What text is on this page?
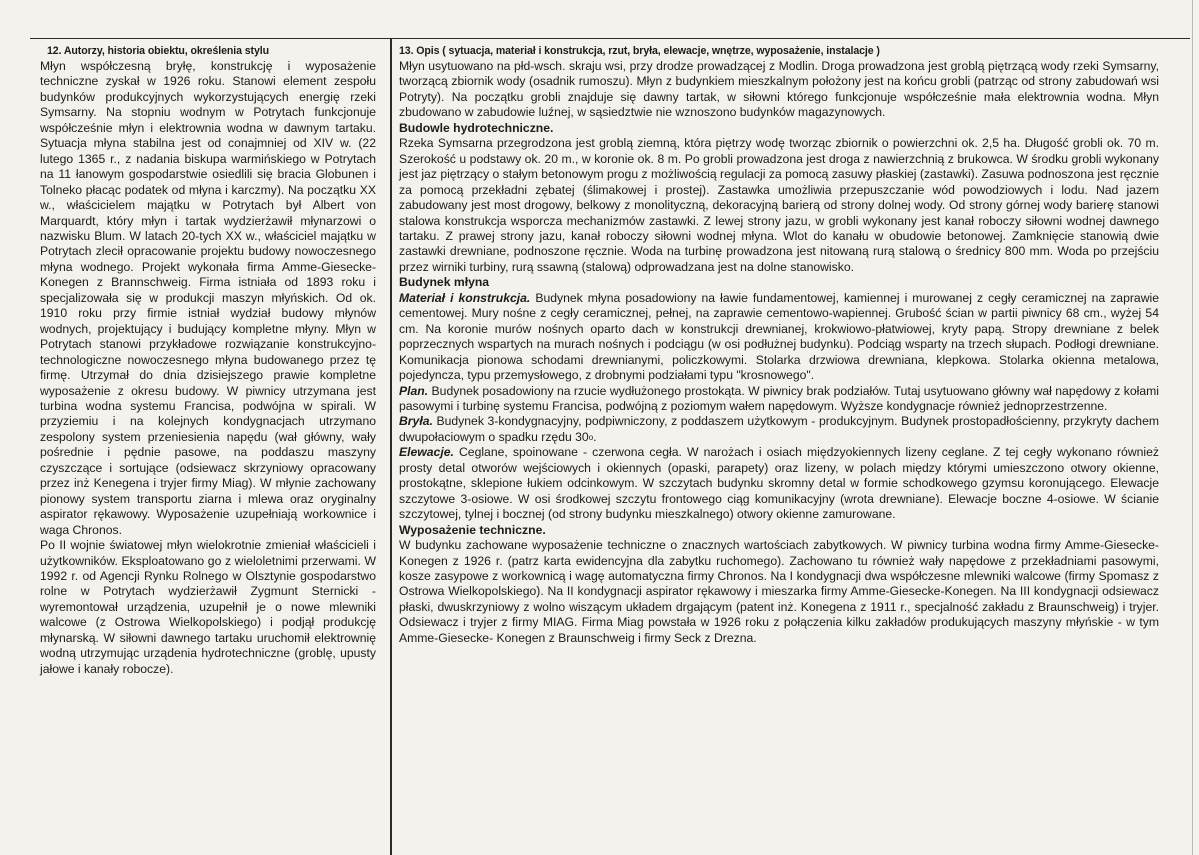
12. Autorzy, historia obiektu, określenia stylu

Młyn współczesną bryłę, konstrukcję i wyposażenie techniczne zyskał w 1926 roku. Stanowi element zespołu budynków produkcyjnych wykorzystujących energię rzeki Symsarny. Na stopniu wodnym w Potrytach funkcjonuje współcześnie młyn i elektrownia wodna w dawnym tartaku. Sytuacja młyna stabilna jest od conajmniej od XIV w. (22 lutego 1365 r., z nadania biskupa warmińskiego w Potrytach na 11 łanowym gospodarstwie osiedlili się bracia Globunen i Tolneko płacąc podatek od młyna i karczmy). Na początku XX w., właścicielem majątku w Potrytach był Albert von Marquardt, który młyn i tartak wydzierżawił młynarzowi o nazwisku Blum. W latach 20-tych XX w., właściciel majątku w Potrytach zlecił opracowanie projektu budowy nowoczesnego młyna wodnego. Projekt wykonała firma Amme-Giesecke-Konegen z Brannschweig. Firma istniała od 1893 roku i specjalizowała się w produkcji maszyn młyńskich. Od ok. 1910 roku przy firmie istniał wydział budowy młynów wodnych, projektujący i budujący kompletne młyny. Młyn w Potrytach stanowi przykładowe rozwiązanie konstrukcyjno-technologiczne nowoczesnego młyna budowanego przez tę firmę. Utrzymał do dnia dzisiejszego prawie kompletne wyposażenie z okresu budowy. W piwnicy utrzymana jest turbina wodna systemu Francisa, podwójna w spirali. W przyziemiu i na kolejnych kondygnacjach utrzymano zespolony system przeniesienia napędu (wał główny, wały pośrednie i pędnie pasowe, na poddaszu maszyny czyszczące i sortujące (odsiewacz skrzyniowy opracowany przez inż Kenegena i tryjer firmy Miag). W młynie zachowany pionowy system transportu ziarna i mlewa oraz oryginalny aspirator rękawowy. Wyposażenie uzupełniają workownice i waga Chronos.

Po II wojnie światowej młyn wielokrotnie zmieniał właścicieli i użytkowników. Eksploatowano go z wieloletnimi przerwami. W 1992 r. od Agencji Rynku Rolnego w Olsztynie gospodarstwo rolne w Potrytach wydzierżawił Zygmunt Sternicki - wyremontował urządzenia, uzupełnił je o nowe mlewniki walcowe (z Ostrowa Wielkopolskiego) i podjął produkcję młynarską. W siłowni dawnego tartaku uruchomił elektrownię wodną utrzymując urządenia hydrotechniczne (groblę, upusty jałowe i kanały robocze).

13. Opis ( sytuacja, materiał i konstrukcja, rzut, bryła, elewacje, wnętrze, wyposażenie, instalacje )

Młyn usytuowano na płd-wsch. skraju wsi, przy drodze prowadzącej z Modlin. Droga prowadzona jest groblą piętrzącą wody rzeki Symsarny, tworzącą zbiornik wody (osadnik rumoszu). Młyn z budynkiem mieszkalnym położony jest na końcu grobli (patrząc od strony zabudowań wsi Potryty). Na początku grobli znajduje się dawny tartak, w siłowni którego funkcjonuje współcześnie mała elektrownia wodna. Młyn zbudowano w zabudowie luźnej, w sąsiedztwie nie wznoszono budynków magazynowych.

Budowle hydrotechniczne.

Rzeka Symsarna przegrodzona jest groblą ziemną, która piętrzy wodę tworząc zbiornik o powierzchni ok. 2,5 ha. Długość grobli ok. 70 m. Szerokość u podstawy ok. 20 m., w koronie ok. 8 m. Po grobli prowadzona jest droga z nawierzchnią z brukowca. W środku grobli wykonany jest jaz piętrzący o stałym betonowym progu z możliwością regulacji za pomocą zasuwy płaskiej (zastawki). Zasuwa podnoszona jest ręcznie za pomocą przekładni zębatej (ślimakowej i prostej). Zastawka umożliwia przepuszczanie wód powodziowych i lodu. Nad jazem zabudowany jest most drogowy, belkowy z monolityczną, dekoracyjną barierą od strony dolnej wody. Od strony górnej wody barierę stanowi stalowa konstrukcja wsporcza mechanizmów zastawki. Z lewej strony jazu, w grobli wykonany jest kanał roboczy siłowni wodnej dawnego tartaku. Z prawej strony jazu, kanał roboczy siłowni wodnej młyna. Wlot do kanału w obudowie betonowej. Zamknięcie stanowią dwie zastawki drewniane, podnoszone ręcznie. Woda na turbinę prowadzona jest nitowaną rurą stalową o średnicy 800 mm. Woda po przejściu przez wirniki turbiny, rurą ssawną (stalową) odprowadzana jest na dolne stanowisko.

Budynek młyna

Materiał i konstrukcja. Budynek młyna posadowiony na ławie fundamentowej, kamiennej i murowanej z cegły ceramicznej na zaprawie cementowej. Mury nośne z cegły ceramicznej, pełnej, na zaprawie cementowo-wapiennej. Grubość ścian w partii piwnicy 68 cm., wyżej 54 cm. Na koronie murów nośnych oparto dach w konstrukcji drewnianej, krokwiowo-płatwiowej, kryty papą. Stropy drewniane z belek poprzecznych wspartych na murach nośnych i podciągu (w osi podłużnej budynku). Podciąg wsparty na trzech słupach. Podłogi drewniane. Komunikacja pionowa schodami drewnianymi, policzkowymi. Stolarka drzwiowa drewniana, klepkowa. Stolarka okienna metalowa, pojedyncza, typu przemysłowego, z drobnymi podziałami typu "krosnowego".

Plan. Budynek posadowiony na rzucie wydłużonego prostokąta. W piwnicy brak podziałów. Tutaj usytuowano główny wał napędowy z kołami pasowymi i turbinę systemu Francisa, podwójną z poziomym wałem napędowym. Wyższe kondygnacje również jednoprzestrzenne.

Bryła. Budynek 3-kondygnacyjny, podpiwniczony, z poddaszem użytkowym - produkcyjnym. Budynek prostopadłościenny, przykryty dachem dwupołaciowym o spadku rzędu 30$^o$.

Elewacje. Ceglane, spoinowane - czerwona cegła. W narożach i osiach międzyokiennych lizeny ceglane. Z tej cegły wykonano również prosty detal otworów wejściowych i okiennych (opaski, parapety) oraz lizeny, w polach między którymi umieszczono otwory okienne, prostokątne, sklepione łukiem odcinkowym. W szczytach budynku skromny detal w formie schodkowego gzymsu koronującego. Elewacje szczytowe 3-osiowe. W osi środkowej szczytu frontowego ciąg komunikacyjny (wrota drewniane). Elewacje boczne 4-osiowe. W ścianie szczytowej, tylnej i bocznej (od strony budynku mieszkalnego) otwory okienne zamurowane.

Wyposażenie techniczne.

W budynku zachowane wyposażenie techniczne o znacznych wartościach zabytkowych. W piwnicy turbina wodna firmy Amme-Giesecke-Konegen z 1926 r. (patrz karta ewidencyjna dla zabytku ruchomego). Zachowano tu również wały napędowe z przekładniami pasowymi, kosze zasypowe z workownicą i wagę automatyczna firmy Chronos. Na I kondygnacji dwa współczesne mlewniki walcowe (firmy Spomasz z Ostrowa Wielkopolskiego). Na II kondygnacji aspirator rękawowy i mieszarka firmy Amme-Giesecke-Konegen. Na III kondygnacji odsiewacz płaski, dwuskrzyniowy z wolno wiszącym układem drgającym (patent inż. Konegena z 1911 r., specjalność zakładu z Braunschweig) i tryjer. Odsiewacz i tryjer z firmy MIAG. Firma Miag powstała w 1926 roku z połączenia kilku zakładów produkujących maszyny młyńskie - w tym Amme-Giesecke- Konegen z Braunschweig i firmy Seck z Drezna.
